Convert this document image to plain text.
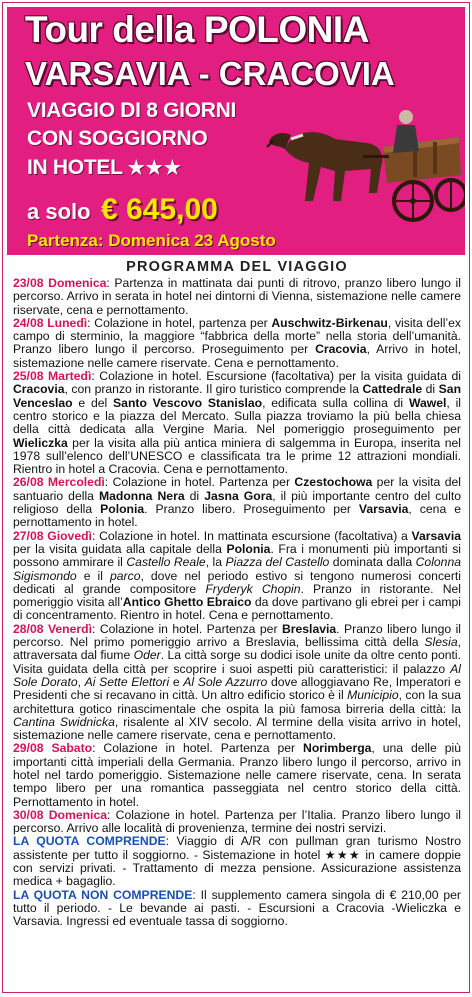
Tour della POLONIA
VARSAVIA - CRACOVIA
VIAGGIO DI 8 GIORNI
CON SOGGIORNO
IN HOTEL ★★★
a solo € 645,00
Partenza: Domenica 23 Agosto
PROGRAMMA DEL VIAGGIO

23/08 Domenica: Partenza in mattinata dai punti di ritrovo, pranzo libero lungo il percorso. Arrivo in serata in hotel nei dintorni di Vienna, sistemazione nelle camere riservate, cena e pernottamento.

24/08 Lunedì: Colazione in hotel, partenza per Auschwitz-Birkenau, visita dell’ex campo di sterminio, la maggiore “fabbrica della morte” nella storia dell’umanità. Pranzo libero lungo il percorso. Proseguimento per Cracovia, Arrivo in hotel, sistemazione nelle camere riservate. Cena e pernottamento.

25/08 Martedì: Colazione in hotel. Escursione (facoltativa) per la visita guidata di Cracovia, con pranzo in ristorante. Il giro turistico comprende la Cattedrale di San Venceslao e del Santo Vescovo Stanislao, edificata sulla collina di Wawel, il centro storico e la piazza del Mercato. Sulla piazza troviamo la più bella chiesa della città dedicata alla Vergine Maria. Nel pomeriggio proseguimento per Wieliczka per la visita alla più antica miniera di salgemma in Europa, inserita nel 1978 sull’elenco dell’UNESCO e classificata tra le prime 12 attrazioni mondiali. Rientro in hotel a Cracovia. Cena e pernottamento.

26/08 Mercoledì: Colazione in hotel. Partenza per Czestochowa per la visita del santuario della Madonna Nera di Jasna Gora, il più importante centro del culto religioso della Polonia. Pranzo libero. Proseguimento per Varsavia, cena e pernottamento in hotel.

27/08 Giovedì: Colazione in hotel. In mattinata escursione (facoltativa) a Varsavia per la visita guidata alla capitale della Polonia. Fra i monumenti più importanti si possono ammirare il Castello Reale, la Piazza del Castello dominata dalla Colonna Sigismondo e il parco, dove nel periodo estivo si tengono numerosi concerti dedicati al grande compositore Fryderyk Chopin. Pranzo in ristorante. Nel pomeriggio visita all’Antico Ghetto Ebraico da dove partivano gli ebrei per i campi di concentramento. Rientro in hotel. Cena e pernottamento.

28/08 Venerdì: Colazione in hotel. Partenza per Breslavia. Pranzo libero lungo il percorso. Nel primo pomeriggio arrivo a Breslavia, bellissima città della Slesia, attraversata dal fiume Oder. La città sorge su dodici isole unite da oltre cento ponti. Visita guidata della città per scoprire i suoi aspetti più caratteristici: il palazzo Al Sole Dorato, Ai Sette Elettori e Al Sole Azzurro dove alloggiavano Re, Imperatori e Presidenti che si recavano in città. Un altro edificio storico è il Municipio, con la sua architettura gotico rinascimentale che ospita la più famosa birreria della città: la Cantina Swidnicka, risalente al XIV secolo. Al termine della visita arrivo in hotel, sistemazione nelle camere riservate, cena e pernottamento.

29/08 Sabato: Colazione in hotel. Partenza per Norimberga, una delle più importanti città imperiali della Germania. Pranzo libero lungo il percorso, arrivo in hotel nel tardo pomeriggio. Sistemazione nelle camere riservate, cena. In serata tempo libero per una romantica passeggiata nel centro storico della città. Pernottamento in hotel.

30/08 Domenica: Colazione in hotel. Partenza per l’Italia. Pranzo libero lungo il percorso. Arrivo alle località di provenienza, termine dei nostri servizi.

LA QUOTA COMPRENDE: Viaggio di A/R con pullman gran turismo Nostro assistente per tutto il soggiorno. - Sistemazione in hotel ★★★ in camere doppie con servizi privati. - Trattamento di mezza pensione. Assicurazione assistenza medica + bagaglio.

LA QUOTA NON COMPRENDE: Il supplemento camera singola di € 210,00 per tutto il periodo. - Le bevande ai pasti. - Escursioni a Cracovia -Wieliczka e Varsavia. Ingressi ed eventuale tassa di soggiorno.
